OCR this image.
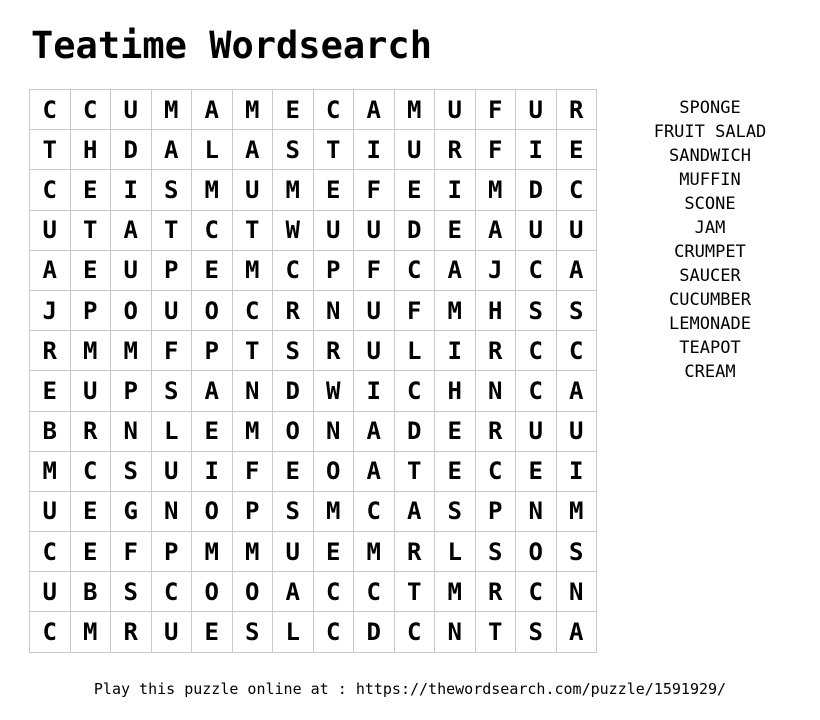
Teatime Wordsearch
C	C	U	M	A	M	E	C	A	M	U	F	U	R
T	H	D	A	L	A	S	T	I	U	R	F	I	E
C	E	I	S	M	U	M	E	F	E	I	M	D	C
U	T	A	T	C	T	W	U	U	D	E	A	U	U
A	E	U	P	E	M	C	P	F	C	A	J	C	A
J	P	O	U	O	C	R	N	U	F	M	H	S	S
R	M	M	F	P	T	S	R	U	L	I	R	C	C
E	U	P	S	A	N	D	W	I	C	H	N	C	A
B	R	N	L	E	M	O	N	A	D	E	R	U	U
M	C	S	U	I	F	E	O	A	T	E	C	E	I
U	E	G	N	O	P	S	M	C	A	S	P	N	M
C	E	F	P	M	M	U	E	M	R	L	S	O	S
U	B	S	C	O	O	A	C	C	T	M	R	C	N
C	M	R	U	E	S	L	C	D	C	N	T	S	A
SPONGE
FRUIT SALAD
SANDWICH
MUFFIN
SCONE
JAM
CRUMPET
SAUCER
CUCUMBER
LEMONADE
TEAPOT
CREAM
Play this puzzle online at : https://thewordsearch.com/puzzle/1591929/
